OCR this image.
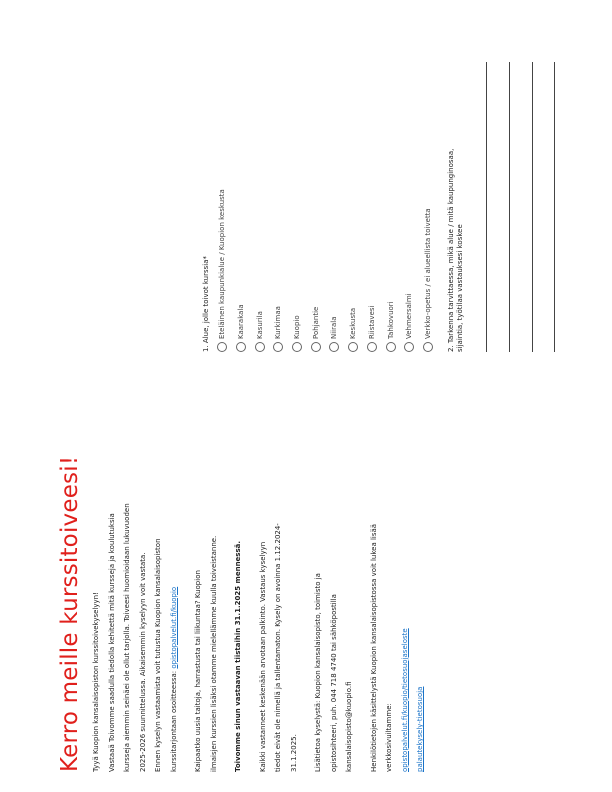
Kerro meille kurssitoiveesi!	Tyyä Kuopion kansalaisopiston kurssitoivekyselyyn!	Vastaaä Toivomme saadulla tiedolla kehitettä mitä kursseja ja koulutuksia	kursseja aiemmin seinäei ole ollut tarjolla. Toiveesi huomioidaan lukuvuoden	2025-2026 suunnittelussa. Aikaisemmin kyselyyn voit vastata.	Ennen kyselyn vastaamista voit tutustua Kuopion kansalaisopiston	kurssitarjontaan osoitteessa: opistopalvelut.fi/kuopio	Kaipaatko uusia taitoja, harrastusta tai liikuntaa? Kuopion	ilmaisjen kurssien lisäksi otamme mielellämme kuulla toiveistanne.	Toivomme sinun vastaavan tiistaihin 31.1.2025 mennessä.	Kaikki vastanneet keskenään arvotaan palkinto. Vastaus kyselyyn	tiedot eivät ole nimellä ja tallentamaton. Kysely on avoinna 1.12.2024-	31.1.2025.	Lisätietoa kyselystä: Kuopion kansalaisopisto, toimisto ja	opistosihteeri, puh. 044 718 4740 tai sähköpostilla	kansalaisopisto@kuopio.fi	Henkilötietojen käsittelystä Kuopion kansalaisopistossa voit lukea lisää	verkkosivuiltamme:	opistopalvelut.fi/kuopio/tietosuojaseloste	palautekysely-tietosuoja
1. Alue, jolle toivot kurssia* Eteläinen kaupunkialue / Kuopion keskusta Kaarakala Kasurila Kurkimaa Kuopio Pohjantie Niirala Keskusta Riistavesi Tahkovuori Vehmersalmi Verkko-opetus / ei alueellista toivetta 2. Tarkenna tarvittaessa, mikä alue / mitä kaupunginosaa, sijaintia, työtilaa vastauksesi koskee
